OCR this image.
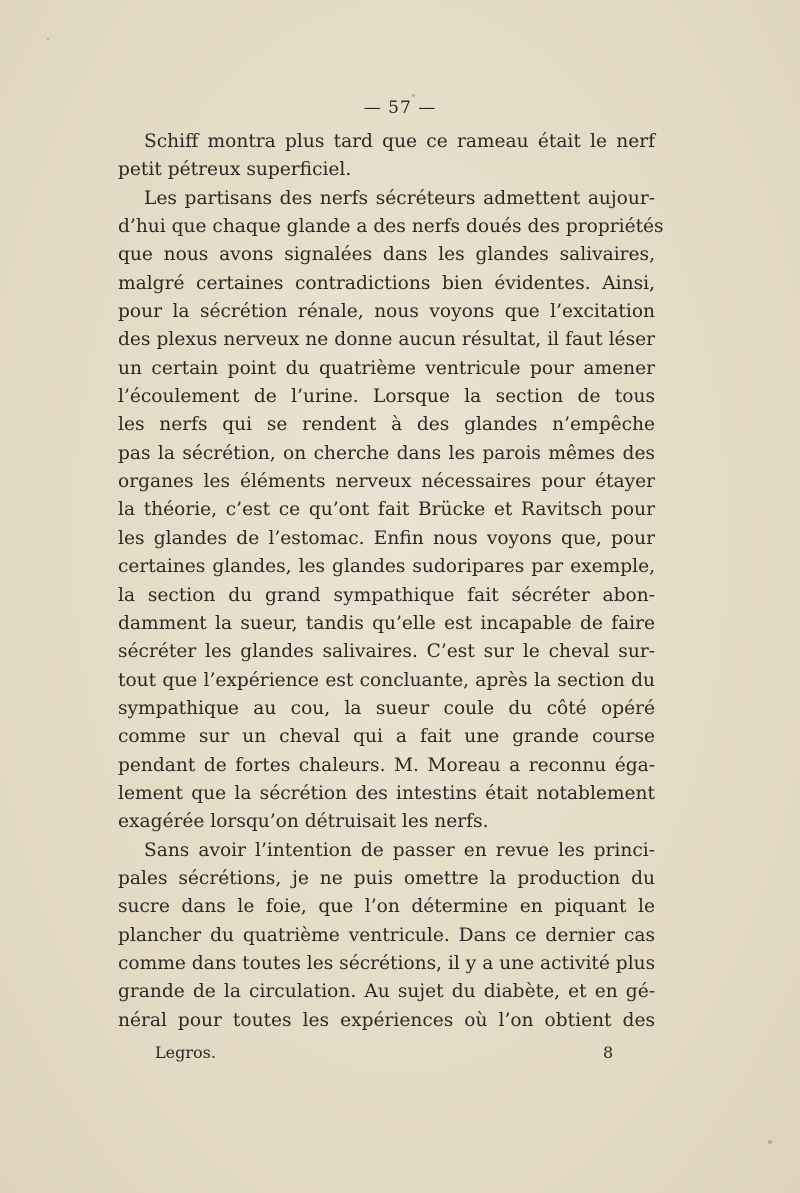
— 57 —
Schiff montra plus tard que ce rameau était le nerf
petit pétreux superficiel.
Les partisans des nerfs sécréteurs admettent aujour-
d’hui que chaque glande a des nerfs doués des propriétés
que nous avons signalées dans les glandes salivaires,
malgré certaines contradictions bien évidentes. Ainsi,
pour la sécrétion rénale, nous voyons que l’excitation
des plexus nerveux ne donne aucun résultat, il faut léser
un certain point du quatrième ventricule pour amener
l’écoulement de l’urine. Lorsque la section de tous
les nerfs qui se rendent à des glandes n’empêche
pas la sécrétion, on cherche dans les parois mêmes des
organes les éléments nerveux nécessaires pour étayer
la théorie, c’est ce qu’ont fait Brücke et Ravitsch pour
les glandes de l’estomac. Enfin nous voyons que, pour
certaines glandes, les glandes sudoripares par exemple,
la section du grand sympathique fait sécréter abon-
damment la sueur, tandis qu’elle est incapable de faire
sécréter les glandes salivaires. C’est sur le cheval sur-
tout que l’expérience est concluante, après la section du
sympathique au cou, la sueur coule du côté opéré
comme sur un cheval qui a fait une grande course
pendant de fortes chaleurs. M. Moreau a reconnu éga-
lement que la sécrétion des intestins était notablement
exagérée lorsqu’on détruisait les nerfs.
Sans avoir l’intention de passer en revue les princi-
pales sécrétions, je ne puis omettre la production du
sucre dans le foie, que l’on détermine en piquant le
plancher du quatrième ventricule. Dans ce dernier cas
comme dans toutes les sécrétions, il y a une activité plus
grande de la circulation. Au sujet du diabète, et en gé-
néral pour toutes les expériences où l’on obtient des
Legros.	8
